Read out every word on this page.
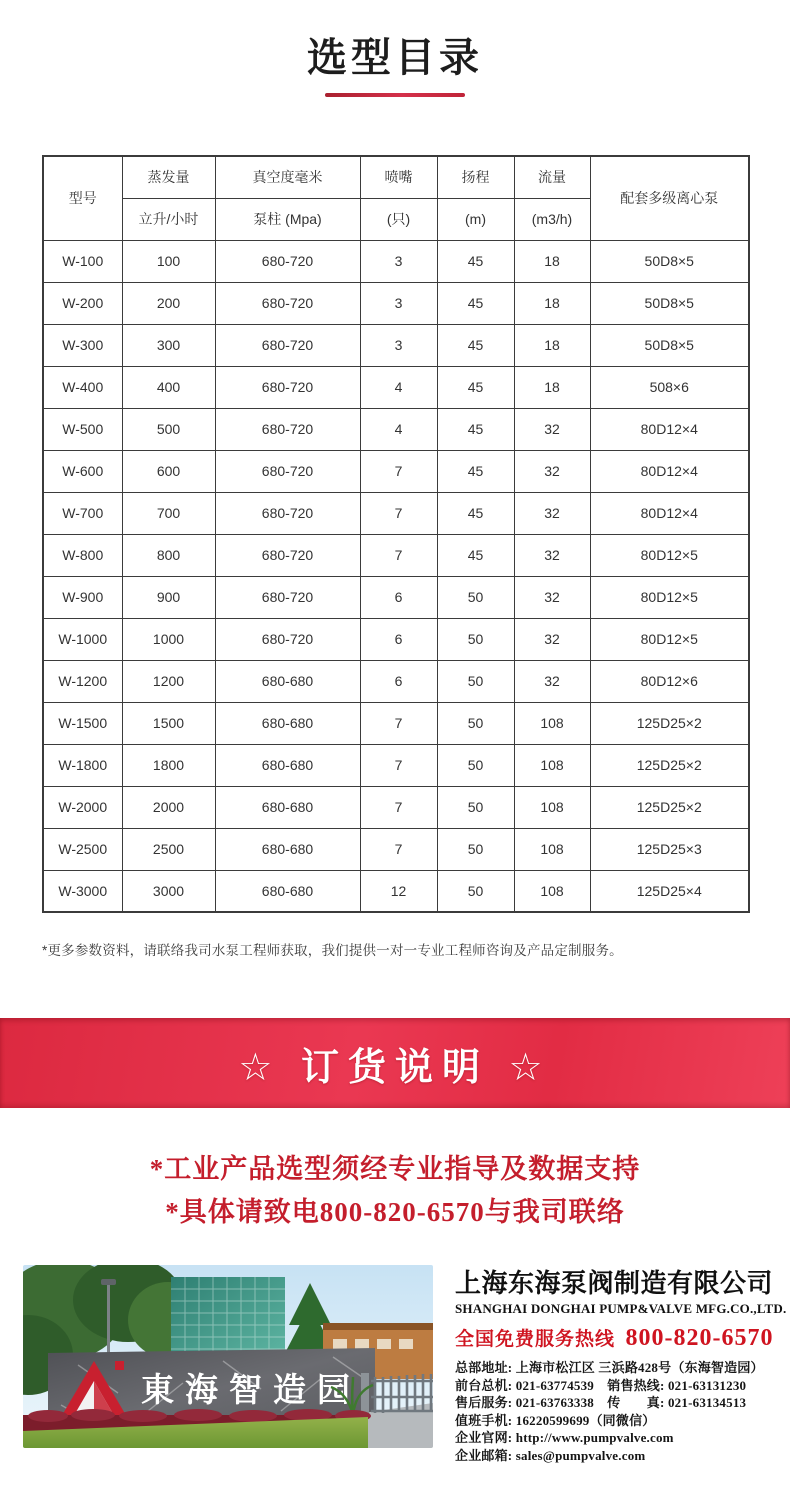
选型目录
型号	蒸发量	真空度毫米	喷嘴	扬程	流量	配套多级离心泵
	立升/小时	泵柱 (Mpa)	(只)	(m)	(m3/h)	
W-100	100	680-720	3	45	18	50D8×5
W-200	200	680-720	3	45	18	50D8×5
W-300	300	680-720	3	45	18	50D8×5
W-400	400	680-720	4	45	18	508×6
W-500	500	680-720	4	45	32	80D12×4
W-600	600	680-720	7	45	32	80D12×4
W-700	700	680-720	7	45	32	80D12×4
W-800	800	680-720	7	45	32	80D12×5
W-900	900	680-720	6	50	32	80D12×5
W-1000	1000	680-720	6	50	32	80D12×5
W-1200	1200	680-680	6	50	32	80D12×6
W-1500	1500	680-680	7	50	108	125D25×2
W-1800	1800	680-680	7	50	108	125D25×2
W-2000	2000	680-680	7	50	108	125D25×2
W-2500	2500	680-680	7	50	108	125D25×3
W-3000	3000	680-680	12	50	108	125D25×4
*更多参数资料，请联络我司水泵工程师获取，我们提供一对一专业工程师咨询及产品定制服务。
☆ 订货说明 ☆
*工业产品选型须经专业指导及数据支持
*具体请致电800-820-6570与我司联络
東海智造园
上海东海泵阀制造有限公司
SHANGHAI DONGHAI PUMP&VALVE MFG.CO.,LTD.
全国免费服务热线 800-820-6570
总部地址: 上海市松江区 三浜路428号（东海智造园）
前台总机: 021-63774539　销售热线: 021-63131230
售后服务: 021-63763338　传　　真: 021-63134513
值班手机: 16220599699（同微信）
企业官网: http://www.pumpvalve.com
企业邮箱: sales@pumpvalve.com
